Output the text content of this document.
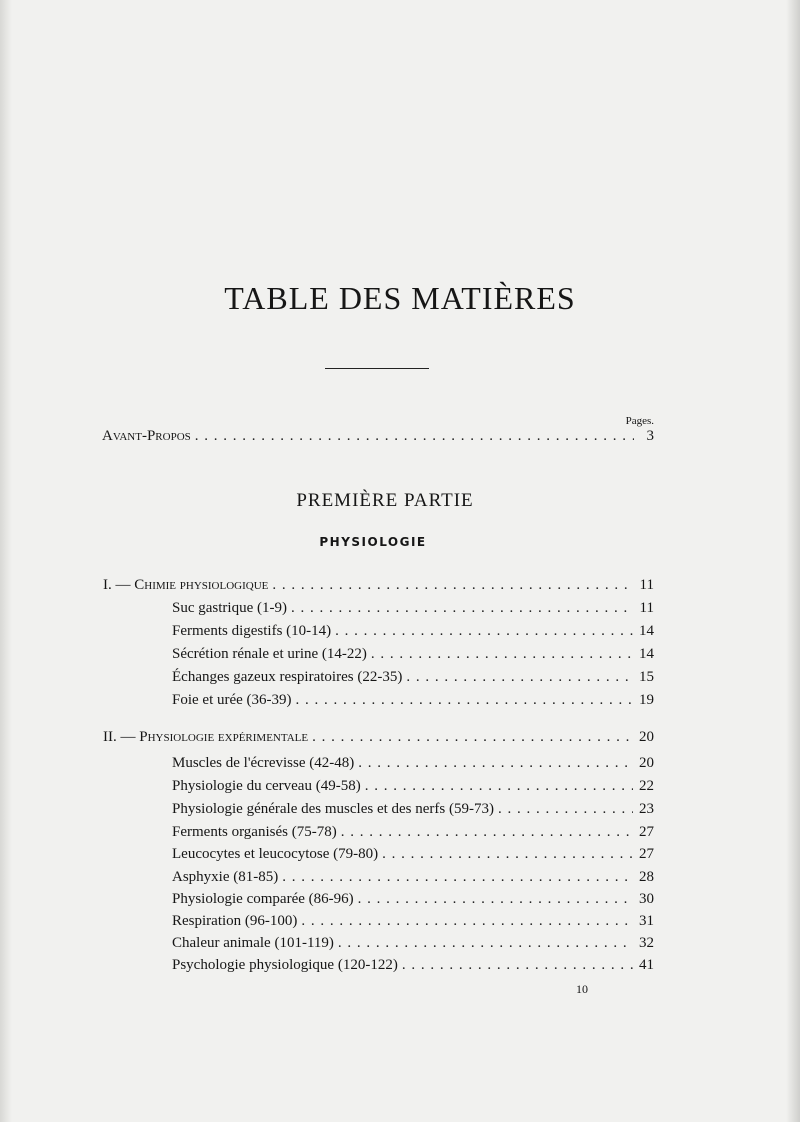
TABLE DES MATIÈRES
Pages.
Avant-Propos . . .	3
PREMIÈRE PARTIE
PHYSIOLOGIE
I. — Chimie physiologique . . .	11
Suc gastrique (1-9) . . .	11
Ferments digestifs (10-14) . . .	14
Sécrétion rénale et urine (14-22) . . .	14
Échanges gazeux respiratoires (22-35) . . .	15
Foie et urée (36-39) . . .	19
II. — Physiologie expérimentale . . .	20
Muscles de l'écrevisse (42-48) . . .	20
Physiologie du cerveau (49-58) . . .	22
Physiologie générale des muscles et des nerfs (59-73) . . .	23
Ferments organisés (75-78) . . .	27
Leucocytes et leucocytose (79-80) . . .	27
Asphyxie (81-85) . . .	28
Physiologie comparée (86-96) . . .	30
Respiration (96-100) . . .	31
Chaleur animale (101-119) . . .	32
Psychologie physiologique (120-122) . . .	41
10
